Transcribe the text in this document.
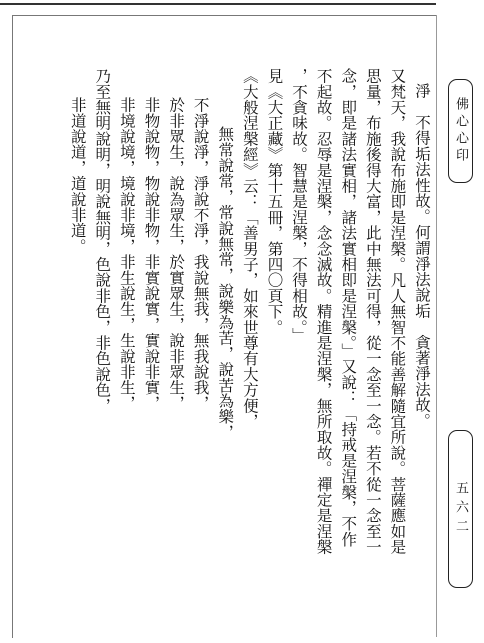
佛心心印
五六二
淨　不得垢法性故。何謂淨法說垢　貪著淨法故。
又梵天，我說布施即是涅槃。凡人無智不能善解隨宜所說。菩薩應如是
思量，布施後得大富，此中無法可得，從一念至一念。若不從一念至一
念，即是諸法實相，諸法實相即是涅槃。」又說：「持戒是涅槃，不作
不起故。忍辱是涅槃，念念滅故。精進是涅槃，無所取故。禪定是涅槃
，不貪味故。智慧是涅槃，不得相故。」
見《大正藏》第十五冊，第四〇頁下。
《大般涅槃經》云：「善男子，如來世尊有大方便，
無常說常，常說無常，說樂為苦，說苦為樂，
不淨說淨，淨說不淨，我說無我，無我說我，
於非眾生，說為眾生，於實眾生，說非眾生，
非物說物，物說非物，非實說實，實說非實，
非境說境，境說非境，非生說生，生說非生，
乃至無明說明，明說無明，色說非色，非色說色，
非道說道，道說非道。
